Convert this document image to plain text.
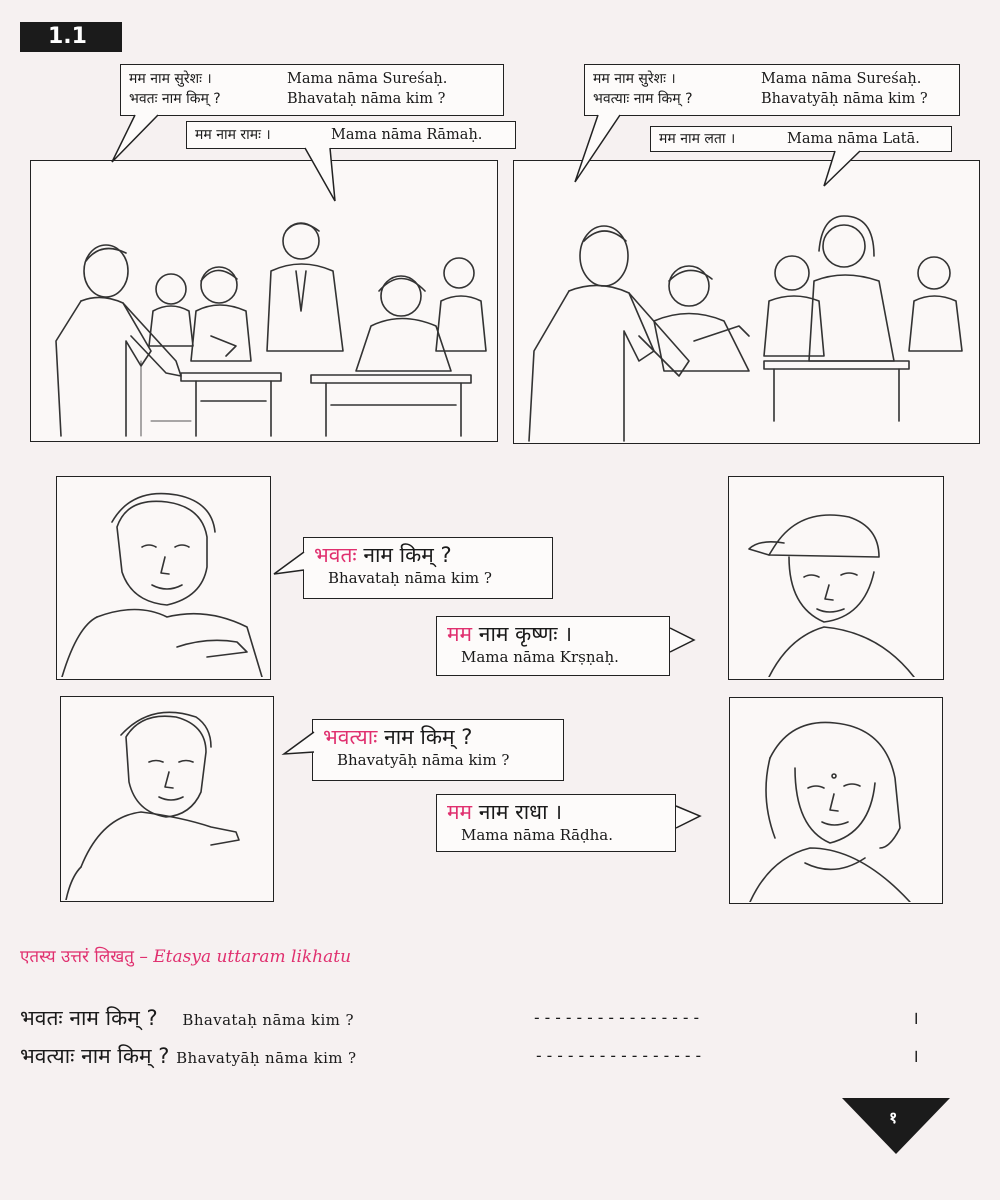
1.1
मम नाम सुरेशः ।	Mama nāma Sureśaḥ.
भवतः नाम किम् ?	Bhavataḥ nāma kim ?
मम नाम रामः ।	Mama nāma Rāmaḥ.
मम नाम सुरेशः ।	Mama nāma Sureśaḥ.
भवत्याः नाम किम् ?	Bhavatyāḥ nāma kim ?
मम नाम लता ।	Mama nāma Latā.
भवतः नाम किम् ?
Bhavataḥ nāma kim ?
मम नाम कृष्णः ।
Mama nāma Krṣṇaḥ.
भवत्याः नाम किम् ?
Bhavatyāḥ nāma kim ?
मम नाम राधा ।
Mama nāma Rāḍha.
एतस्य उत्तरं लिखतु – Etasya uttaram likhatu
भवतः नाम किम् ? Bhavataḥ nāma kim ?	----------------	।
भवत्याः नाम किम् ? Bhavatyāḥ nāma kim ?	----------------	।
१
